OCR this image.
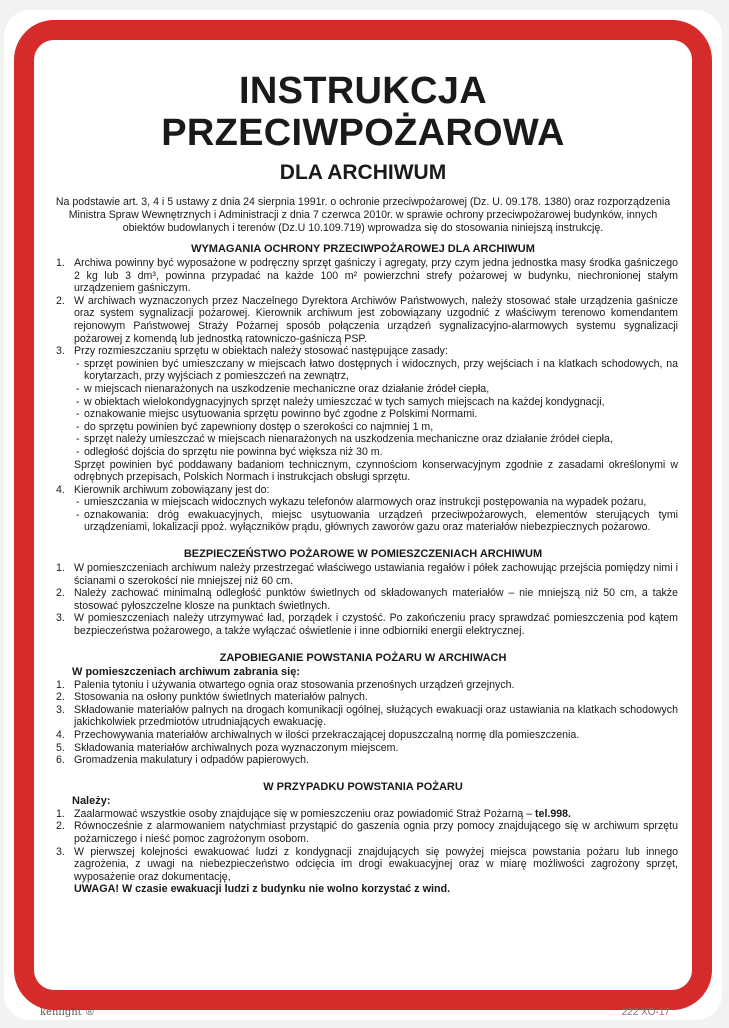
INSTRUKCJA
PRZECIWPOŻAROWA
DLA ARCHIWUM
Na podstawie art. 3, 4 i 5 ustawy z dnia 24 sierpnia 1991r. o ochronie przeciwpożarowej (Dz. U. 09.178. 1380) oraz rozporządzenia Ministra Spraw Wewnętrznych i Administracji z dnia 7 czerwca 2010r. w sprawie ochrony przeciwpożarowej budynków, innych obiektów budowlanych i terenów (Dz.U 10.109.719) wprowadza się do stosowania niniejszą instrukcję.
WYMAGANIA OCHRONY PRZECIWPOŻAROWEJ DLA ARCHIWUM
1. Archiwa powinny być wyposażone w podręczny sprzęt gaśniczy i agregaty, przy czym jedna jednostka masy środka gaśniczego 2 kg lub 3 dm³, powinna przypadać na każde 100 m² powierzchni strefy pożarowej w budynku, niechronionej stałym urządzeniem gaśniczym.
2. W archiwach wyznaczonych przez Naczelnego Dyrektora Archiwów Państwowych, należy stosować stałe urządzenia gaśnicze oraz system sygnalizacji pożarowej. Kierownik archiwum jest zobowiązany uzgodnić z właściwym terenowo komendantem rejonowym Państwowej Straży Pożarnej sposób połączenia urządzeń sygnalizacyjno-alarmowych systemu sygnalizacji pożarowej z komendą lub jednostką ratowniczo-gaśniczą PSP.
3. Przy rozmieszczaniu sprzętu w obiektach należy stosować następujące zasady:
- sprzęt powinien być umieszczany w miejscach łatwo dostępnych i widocznych, przy wejściach i na klatkach schodowych, na korytarzach, przy wyjściach z pomieszczeń na zewnątrz,
- w miejscach nienarażonych na uszkodzenie mechaniczne oraz działanie źródeł ciepła,
- w obiektach wielokondygnacyjnych sprzęt należy umieszczać w tych samych miejscach na każdej kondygnacji,
- oznakowanie miejsc usytuowania sprzętu powinno być zgodne z Polskimi Normami.
- do sprzętu powinien być zapewniony dostęp o szerokości co najmniej 1 m,
- sprzęt należy umieszczać w miejscach nienarażonych na uszkodzenia mechaniczne oraz działanie źródeł ciepła,
- odległość dojścia do sprzętu nie powinna być większa niż 30 m.
Sprzęt powinien być poddawany badaniom technicznym, czynnościom konserwacyjnym zgodnie z zasadami określonymi w odrębnych przepisach, Polskich Normach i instrukcjach obsługi sprzętu.
4. Kierownik archiwum zobowiązany jest do:
- umieszczania w miejscach widocznych wykazu telefonów alarmowych oraz instrukcji postępowania na wypadek pożaru,
- oznakowania: dróg ewakuacyjnych, miejsc usytuowania urządzeń przeciwpożarowych, elementów sterujących tymi urządzeniami, lokalizacji ppoż. wyłączników prądu, głównych zaworów gazu oraz materiałów niebezpiecznych pożarowo.
BEZPIECZEŃSTWO POŻAROWE W POMIESZCZENIACH ARCHIWUM
1. W pomieszczeniach archiwum należy przestrzegać właściwego ustawiania regałów i półek zachowując przejścia pomiędzy nimi i ścianami o szerokości nie mniejszej niż 60 cm.
2. Należy zachować minimalną odległość punktów świetlnych od składowanych materiałów – nie mniejszą niż 50 cm, a także stosować pyłoszczelne klosze na punktach świetlnych.
3. W pomieszczeniach należy utrzymywać ład, porządek i czystość. Po zakończeniu pracy sprawdzać pomieszczenia pod kątem bezpieczeństwa pożarowego, a także wyłączać oświetlenie i inne odbiorniki energii elektrycznej.
ZAPOBIEGANIE POWSTANIA POŻARU W ARCHIWACH
W pomieszczeniach archiwum zabrania się:
1. Palenia tytoniu i używania otwartego ognia oraz stosowania przenośnych urządzeń grzejnych.
2. Stosowania na osłony punktów świetlnych materiałów palnych.
3. Składowanie materiałów palnych na drogach komunikacji ogólnej, służących ewakuacji oraz ustawiania na klatkach schodowych jakichkolwiek przedmiotów utrudniających ewakuację.
4. Przechowywania materiałów archiwalnych w ilości przekraczającej dopuszczalną normę dla pomieszczenia.
5. Składowania materiałów archiwalnych poza wyznaczonym miejscem.
6. Gromadzenia makulatury i odpadów papierowych.
W PRZYPADKU POWSTANIA POŻARU
Należy:
1. Zaalarmować wszystkie osoby znajdujące się w pomieszczeniu oraz powiadomić Straż Pożarną – tel.998.
2. Równocześnie z alarmowaniem natychmiast przystąpić do gaszenia ognia przy pomocy znajdującego się w archiwum sprzętu pożarniczego i nieść pomoc zagrożonym osobom.
3. W pierwszej kolejności ewakuować ludzi z kondygnacji znajdujących się powyżej miejsca powstania pożaru lub innego zagrożenia, z uwagi na niebezpieczeństwo odcięcia im drogi ewakuacyjnej oraz w miarę możliwości zagrożony sprzęt, wyposażenie oraz dokumentację,
UWAGA! W czasie ewakuacji ludzi z budynku nie wolno korzystać z wind.
kenlight ®	222 XO-17
